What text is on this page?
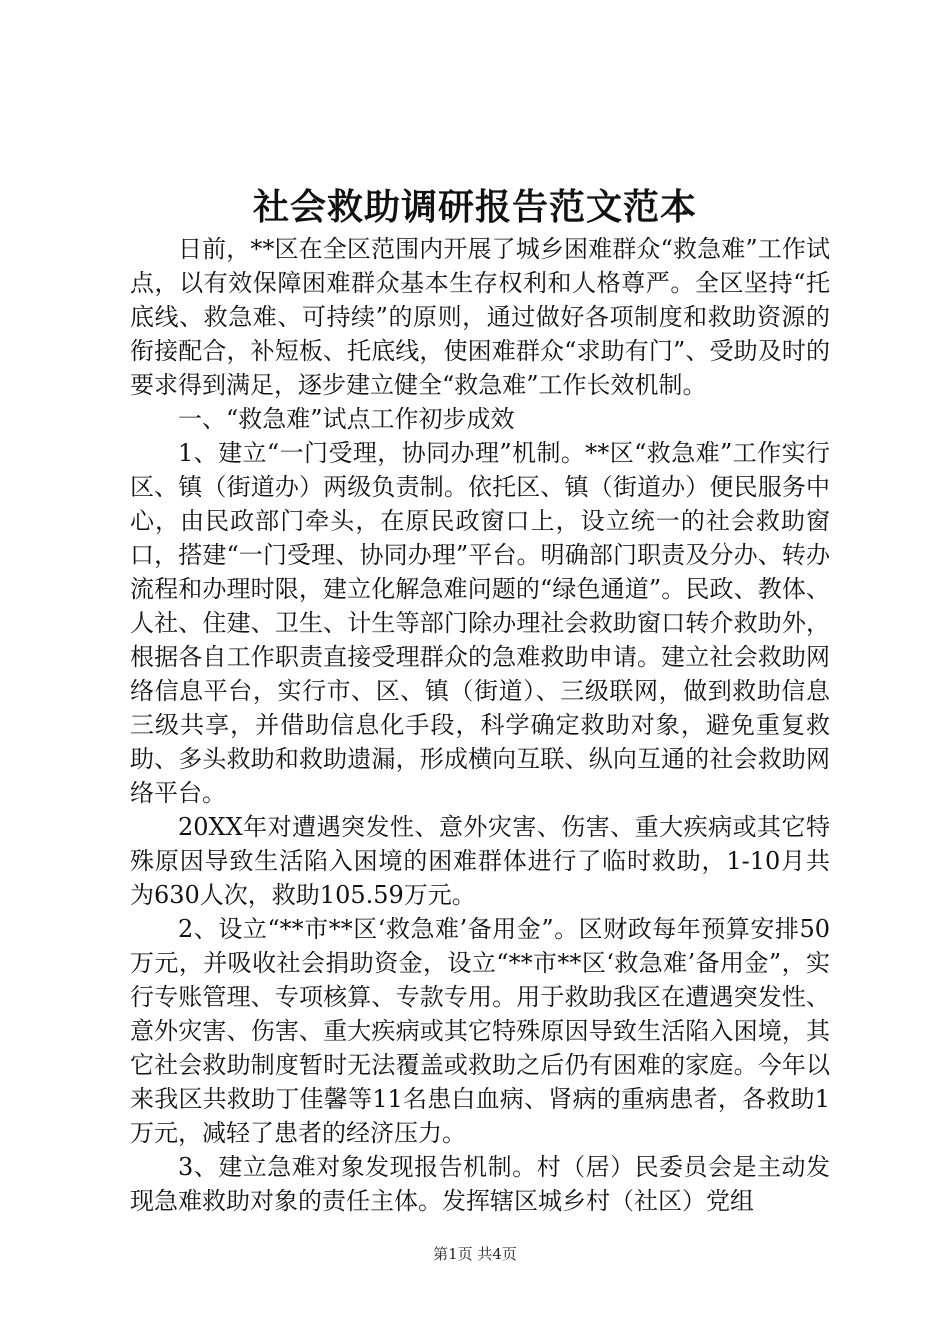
社会救助调研报告范文范本

日前，**区在全区范围内开展了城乡困难群众“救急难”工作试点，以有效保障困难群众基本生存权利和人格尊严。全区坚持“托底线、救急难、可持续”的原则，通过做好各项制度和救助资源的衔接配合，补短板、托底线，使困难群众“求助有门”、受助及时的要求得到满足，逐步建立健全“救急难”工作长效机制。

一、“救急难”试点工作初步成效

1、建立“一门受理，协同办理”机制。**区“救急难”工作实行区、镇（街道办）两级负责制。依托区、镇（街道办）便民服务中心，由民政部门牵头，在原民政窗口上，设立统一的社会救助窗口，搭建“一门受理、协同办理”平台。明确部门职责及分办、转办流程和办理时限，建立化解急难问题的“绿色通道”。民政、教体、人社、住建、卫生、计生等部门除办理社会救助窗口转介救助外，根据各自工作职责直接受理群众的急难救助申请。建立社会救助网络信息平台，实行市、区、镇（街道）、三级联网，做到救助信息三级共享，并借助信息化手段，科学确定救助对象，避免重复救助、多头救助和救助遗漏，形成横向互联、纵向互通的社会救助网络平台。

20XX年对遭遇突发性、意外灾害、伤害、重大疾病或其它特殊原因导致生活陷入困境的困难群体进行了临时救助，1-10月共为630人次，救助105.59万元。

2、设立“**市**区‘救急难’备用金”。区财政每年预算安排50万元，并吸收社会捐助资金，设立“**市**区‘救急难’备用金”，实行专账管理、专项核算、专款专用。用于救助我区在遭遇突发性、意外灾害、伤害、重大疾病或其它特殊原因导致生活陷入困境，其它社会救助制度暂时无法覆盖或救助之后仍有困难的家庭。今年以来我区共救助丁佳馨等11名患白血病、肾病的重病患者，各救助1万元，减轻了患者的经济压力。

3、建立急难对象发现报告机制。村（居）民委员会是主动发现急难救助对象的责任主体。发挥辖区城乡村（社区）党组

第1页 共4页
